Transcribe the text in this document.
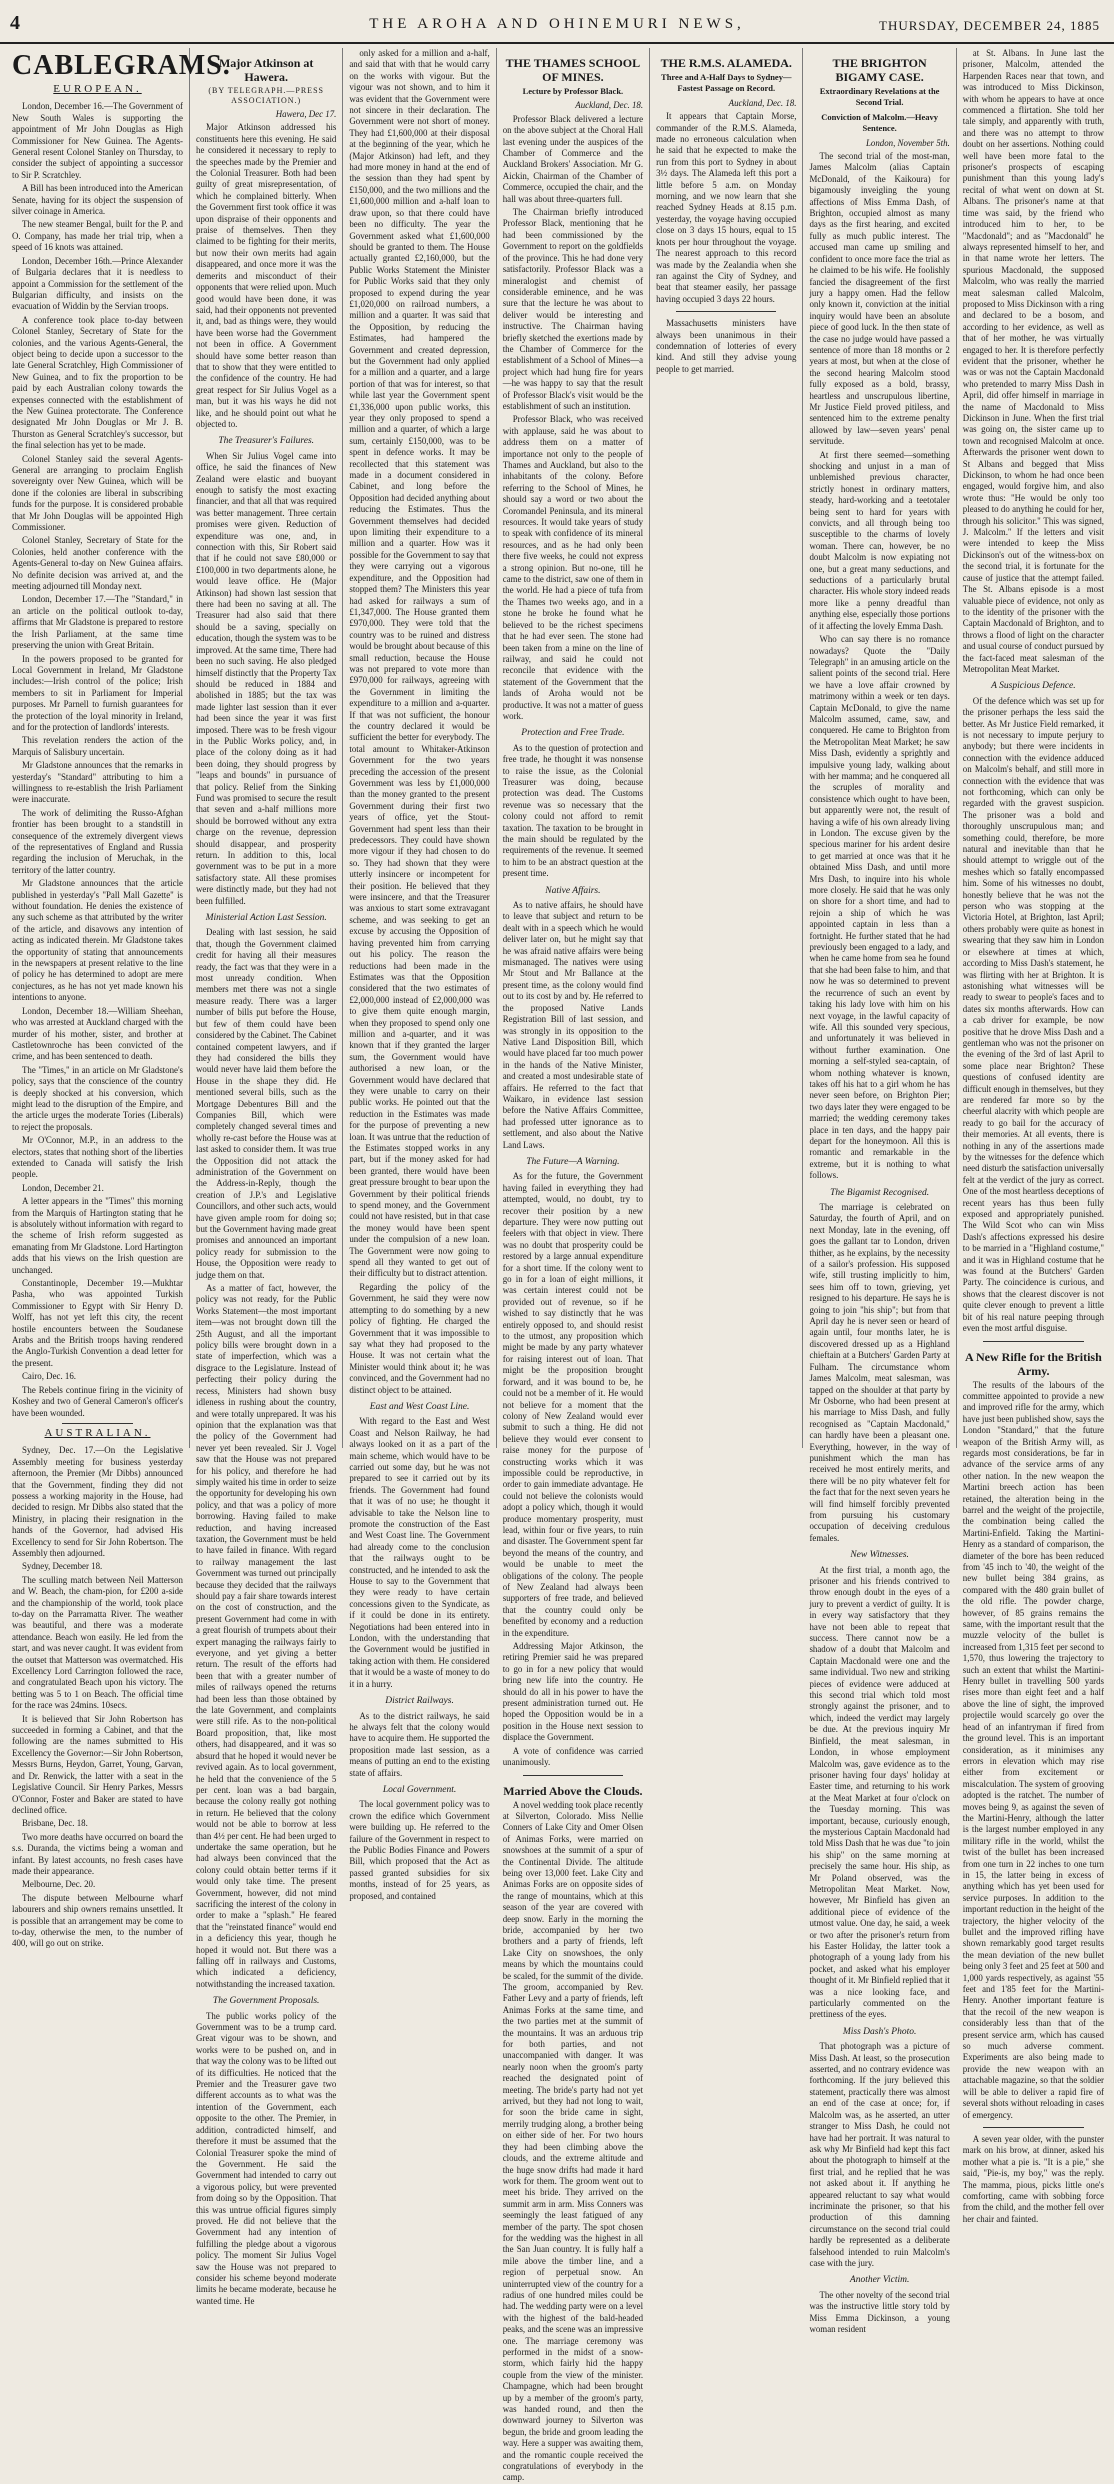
4	THE AROHA AND OHINEMURI NEWS,	THURSDAY, DECEMBER 24, 1885
CABLEGRAMS.
EUROPEAN.

London, December 16.—The Government of New South Wales is supporting the appointment of Mr John Douglas as High Commissioner for New Guinea. The Agents-General resent Colonel Stanley on Thursday, to consider the subject of appointing a successor to Sir P. Scratchley.

A Bill has been introduced into the American Senate, having for its object the suspension of silver coinage in America.

The new steamer Bengal, built for the P. and O. Company, has made her trial trip, when a speed of 16 knots was attained.

London, December 16th.—Prince Alexander of Bulgaria declares that it is needless to appoint a Commission for the settlement of the Bulgarian difficulty, and insists on the evacuation of Widdin by the Servian troops.

A conference took place to-day between Colonel Stanley, Secretary of State for the colonies, and the various Agents-General, the object being to decide upon a successor to the late General Scratchley, High Commissioner of New Guinea, and to fix the proportion to be paid by each Australian colony towards the expenses connected with the establishment of the New Guinea protectorate. The Conference designated Mr John Douglas or Mr J. B. Thurston as General Scratchley's successor, but the final selection has yet to be made.

Colonel Stanley said the several Agents-General are arranging to proclaim English sovereignty over New Guinea, which will be done if the colonies are liberal in subscribing funds for the purpose. It is considered probable that Mr John Douglas will be appointed High Commissioner.

Colonel Stanley, Secretary of State for the Colonies, held another conference with the Agents-General to-day on New Guinea affairs. No definite decision was arrived at, and the meeting adjourned till Monday next.

London, December 17.—The "Standard," in an article on the political outlook to-day, affirms that Mr Gladstone is prepared to restore the Irish Parliament, at the same time preserving the union with Great Britain.

In the powers proposed to be granted for Local Government in Ireland, Mr Gladstone includes:—Irish control of the police; Irish members to sit in Parliament for Imperial purposes. Mr Parnell to furnish guarantees for the protection of the loyal minority in Ireland, and for the protection of landlords' interests.

This revelation renders the action of the Marquis of Salisbury uncertain.

Mr Gladstone announces that the remarks in yesterday's "Standard" attributing to him a willingness to re-establish the Irish Parliament were inaccurate.

The work of delimiting the Russo-Afghan frontier has been brought to a standstill in consequence of the extremely divergent views of the representatives of England and Russia regarding the inclusion of Meruchak, in the territory of the latter country.

Mr Gladstone announces that the article published in yesterday's "Pall Mall Gazette" is without foundation. He denies the existence of any such scheme as that attributed by the writer of the article, and disavows any intention of acting as indicated therein. Mr Gladstone takes the opportunity of stating that announcements in the newspapers at present relative to the line of policy he has determined to adopt are mere conjectures, as he has not yet made known his intentions to anyone.

London, December 18.—William Sheehan, who was arrested at Auckland charged with the murder of his mother, sister, and brother at Castletownroche has been convicted of the crime, and has been sentenced to death.

The "Times," in an article on Mr Gladstone's policy, says that the conscience of the country is deeply shocked at his conversion, which might lead to the disruption of the Empire, and the article urges the moderate Tories (Liberals) to reject the proposals.

Mr O'Connor, M.P., in an address to the electors, states that nothing short of the liberties extended to Canada will satisfy the Irish people.

London, December 21.

A letter appears in the "Times" this morning from the Marquis of Hartington stating that he is absolutely without information with regard to the scheme of Irish reform suggested as emanating from Mr Gladstone. Lord Hartington adds that his views on the Irish question are unchanged.

Constantinople, December 19.—Mukhtar Pasha, who was appointed Turkish Commissioner to Egypt with Sir Henry D. Wolff, has not yet left this city, the recent hostile encounters between the Soudanese Arabs and the British troops having rendered the Anglo-Turkish Convention a dead letter for the present.

Cairo, Dec. 16.

The Rebels continue firing in the vicinity of Koshey and two of General Cameron's officer's have been wounded.

AUSTRALIAN.

Sydney, Dec. 17.—On the Legislative Assembly meeting for business yesterday afternoon, the Premier (Mr Dibbs) announced that the Government, finding they did not possess a working majority in the House, had decided to resign. Mr Dibbs also stated that the Ministry, in placing their resignation in the hands of the Governor, had advised His Excellency to send for Sir John Robertson. The Assembly then adjourned.

Sydney, December 18.

The sculling match between Neil Matterson and W. Beach, the cham-pion, for £200 a-side and the championship of the world, took place to-day on the Parramatta River. The weather was beautiful, and there was a moderate attendance. Beach won easily. He led from the start, and was never caught. It was evident from the outset that Matterson was overmatched. His Excellency Lord Carrington followed the race, and congratulated Beach upon his victory. The betting was 5 to 1 on Beach. The official time for the race was 24mins. 10secs.

It is believed that Sir John Robertson has succeeded in forming a Cabinet, and that the following are the names submitted to His Excellency the Governor:—Sir John Robertson, Messrs Burns, Heydon, Garret, Young, Garvan, and Dr. Renwick, the latter with a seat in the Legislative Council. Sir Henry Parkes, Messrs O'Connor, Foster and Baker are stated to have declined office.

Brisbane, Dec. 18.

Two more deaths have occurred on board the s.s. Duranda, the victims being a woman and infant. By latest accounts, no fresh cases have made their appearance.

Melbourne, Dec. 20.

The dispute between Melbourne wharf labourers and ship owners remains unsettled. It is possible that an arrangement may be come to to-day, otherwise the men, to the number of 400, will go out on strike.

Major Atkinson at Hawera.
(BY TELEGRAPH.—PRESS ASSOCIATION.)
Hawera, Dec 17.

Major Atkinson addressed his constituents here this evening. He said he considered it necessary to reply to the speeches made by the Premier and the Colonial Treasurer. Both had been guilty of great misrepresentation, of which he complained bitterly. When the Government first took office it was upon dispraise of their opponents and praise of themselves. Then they claimed to be fighting for their merits, but now their own merits had again disappeared, and once more it was the demerits and misconduct of their opponents that were relied upon. Much good would have been done, it was said, had their opponents not prevented it, and, bad as things were, they would have been worse had the Government not been in office. A Government should have some better reason than that to show that they were entitled to the confidence of the country. He had great respect for Sir Julius Vogel as a man, but it was his ways he did not like, and he should point out what he objected to.

The Treasurer's Failures.

When Sir Julius Vogel came into office, he said the finances of New Zealand were elastic and buoyant enough to satisfy the most exacting financier, and that all that was required was better management. Three certain promises were given. Reduction of expenditure was one, and, in connection with this, Sir Robert said that if he could not save £80,000 or £100,000 in two departments alone, he would leave office. He (Major Atkinson) had shown last session that there had been no saving at all. The Treasurer had also said that there should be a saving, specially on education, though the system was to be improved. At the same time, There had been no such saving. He also pledged himself distinctly that the Property Tax should be reduced in 1884 and abolished in 1885; but the tax was made lighter last session than it ever had been since the year it was first imposed. There was to be fresh vigour in the Public Works policy, and, in place of the colony doing as it had been doing, they should progress by "leaps and bounds" in pursuance of that policy. Relief from the Sinking Fund was promised to secure the result that seven and a-half millions more should be borrowed without any extra charge on the revenue, depression should disappear, and prosperity return. In addition to this, local government was to be put in a more satisfactory state. All these promises were distinctly made, but they had not been fulfilled.

Ministerial Action Last Session.

Dealing with last session, he said that, though the Government claimed credit for having all their measures ready, the fact was that they were in a most unready condition. When members met there was not a single measure ready. There was a larger number of bills put before the House, but few of them could have been considered by the Cabinet. The Cabinet contained competent lawyers, and if they had considered the bills they would never have laid them before the House in the shape they did. He mentioned several bills, such as the Mortgage Debentures Bill and the Companies Bill, which were completely changed several times and wholly re-cast before the House was at last asked to consider them. It was true the Opposition did not attack the administration of the Government on the Address-in-Reply, though the creation of J.P.'s and Legislative Councillors, and other such acts, would have given ample room for doing so; but the Government having made great promises and announced an important policy ready for submission to the House, the Opposition were ready to judge them on that.

As a matter of fact, however, the policy was not ready, for the Public Works Statement—the most important item—was not brought down till the 25th August, and all the important policy bills were brought down in a state of imperfection, which was a disgrace to the Legislature. Instead of perfecting their policy during the recess, Ministers had shown busy idleness in rushing about the country, and were totally unprepared. It was his opinion that the explanation was that the policy of the Government had never yet been revealed. Sir J. Vogel saw that the House was not prepared for his policy, and therefore he had simply waited his time in order to seize the opportunity for developing his own policy, and that was a policy of more borrowing. Having failed to make reduction, and having increased taxation, the Government must be held to have failed in finance. With regard to railway management the last Government was turned out principally because they decided that the railways should pay a fair share towards interest on the cost of construction, and the present Government had come in with a great flourish of trumpets about their expert managing the railways fairly to everyone, and yet giving a better return. The result of the efforts had been that with a greater number of miles of railways opened the returns had been less than those obtained by the late Government, and complaints were still rife. As to the non-political Board proposition, that, like most others, had disappeared, and it was so absurd that he hoped it would never be revived again. As to local government, he held that the convenience of the 5 per cent. loan was a bad bargain, because the colony really got nothing in return. He believed that the colony would not be able to borrow at less than 4½ per cent. He had been urged to undertake the same operation, but he had always been convinced that the colony could obtain better terms if it would only take time. The present Government, however, did not mind sacrificing the interest of the colony in order to make a "splash." He feared that the "reinstated finance" would end in a deficiency this year, though he hoped it would not. But there was a falling off in railways and Customs, which indicated a deficiency, notwithstanding the increased taxation.

The Government Proposals.

The public works policy of the Government was to be a trump card. Great vigour was to be shown, and works were to be pushed on, and in that way the colony was to be lifted out of its difficulties. He noticed that the Premier and the Treasurer gave two different accounts as to what was the intention of the Government, each opposite to the other. The Premier, in addition, contradicted himself, and therefore it must be assumed that the Colonial Treasurer spoke the mind of the Government. He said the Government had intended to carry out a vigorous policy, but were prevented from doing so by the Opposition. That this was untrue official figures simply proved. He did not believe that the Government had any intention of fulfilling the pledge about a vigorous policy. The moment Sir Julius Vogel saw the House was not prepared to consider his scheme beyond moderate limits he became moderate, because he wanted time. He

only asked for a million and a-half, and said that with that he would carry on the works with vigour. But the vigour was not shown, and to him it was evident that the Government were not sincere in their declaration. The Government were not short of money. They had £1,600,000 at their disposal at the beginning of the year, which he (Major Atkinson) had left, and they had more money in hand at the end of the session than they had spent by £150,000, and the two millions and the £1,600,000 million and a-half loan to draw upon, so that there could have been no difficulty. The year the Government asked what £1,600,000 should be granted to them. The House actually granted £2,160,000, but the Public Works Statement the Minister for Public Works said that they only proposed to expend during the year £1,020,000 on railroad numbers, a million and a quarter. It was said that the Opposition, by reducing the Estimates, had hampered the Government and created depression, but the Government had only applied for a million and a quarter, and a large portion of that was for interest, so that while last year the Government spent £1,336,000 upon public works, this year they only proposed to spend a million and a quarter, of which a large sum, certainly £150,000, was to be spent in defence works. It may be recollected that this statement was made in a document considered in Cabinet, and long before the Opposition had decided anything about reducing the Estimates. Thus the Government themselves had decided upon limiting their expenditure to a million and a quarter. How was it possible for the Government to say that they were carrying out a vigorous expenditure, and the Opposition had stopped them? The Ministers this year had asked for railways a sum of £1,347,000. The House granted them £970,000. They were told that the country was to be ruined and distress would be brought about because of this small reduction, because the House was not prepared to vote more than £970,000 for railways, agreeing with the Government in limiting the expenditure to a million and a-quarter. If that was not sufficient, the honour the country declared it would be sufficient the better for everybody. The total amount to Whitaker-Atkinson Government for the two years preceding the accession of the present Government was less by £1,000,000 than the money granted to the present Government during their first two years of office, yet the Stout-Government had spent less than their predecessors. They could have shown more vigour if they had chosen to do so. They had shown that they were utterly insincere or incompetent for their position. He believed that they were insincere, and that the Treasurer was anxious to start some extravagant scheme, and was seeking to get an excuse by accusing the Opposition of having prevented him from carrying out his policy. The reason the reductions had been made in the Estimates was that the Opposition considered that the two estimates of £2,000,000 instead of £2,000,000 was to give them quite enough margin, when they proposed to spend only one million and a-quarter, and it was known that if they granted the larger sum, the Government would have authorised a new loan, or the Government would have declared that they were unable to carry on their public works. He pointed out that the reduction in the Estimates was made for the purpose of preventing a new loan. It was untrue that the reduction of the Estimates stopped works in any part, but if the money asked for had been granted, there would have been great pressure brought to bear upon the Government by their political friends to spend money, and the Government could not have resisted, but in that case the money would have been spent under the compulsion of a new loan. The Government were now going to spend all they wanted to get out of their difficulty but to distract attention.

Regarding the policy of the Government, he said they were now attempting to do something by a new policy of fighting. He charged the Government that it was impossible to say what they had proposed to the House. It was not certain what the Minister would think about it; he was convinced, and the Government had no distinct object to be attained.

East and West Coast Line.

With regard to the East and West Coast and Nelson Railway, he had always looked on it as a part of the main scheme, which would have to be carried out some day, but he was not prepared to see it carried out by its friends. The Government had found that it was of no use; he thought it advisable to take the Nelson line to promote the construction of the East and West Coast line. The Government had already come to the conclusion that the railways ought to be constructed, and he intended to ask the House to say to the Government that they were ready to have certain concessions given to the Syndicate, as if it could be done in its entirety. Negotiations had been entered into in London, with the understanding that the Government would be justified in taking action with them. He considered that it would be a waste of money to do it in a hurry.

District Railways.

As to the district railways, he said he always felt that the colony would have to acquire them. He supported the proposition made last session, as a means of putting an end to the existing state of affairs.

Local Government.

The local government policy was to crown the edifice which Government were building up. He referred to the failure of the Government in respect to the Public Bodies Finance and Powers Bill, which proposed that the Act as passed granted subsidies for six months, instead of for 25 years, as proposed, and contained

THE THAMES SCHOOL OF MINES.
Lecture by Professor Black.
Auckland, Dec. 18.

Professor Black delivered a lecture on the above subject at the Choral Hall last evening under the auspices of the Chamber of Commerce and the Auckland Brokers' Association. Mr G. Aickin, Chairman of the Chamber of Commerce, occupied the chair, and the hall was about three-quarters full.

The Chairman briefly introduced Professor Black, mentioning that he had been commissioned by the Government to report on the goldfields of the province. This he had done very satisfactorily. Professor Black was a mineralogist and chemist of considerable eminence, and he was sure that the lecture he was about to deliver would be interesting and instructive. The Chairman having briefly sketched the exertions made by the Chamber of Commerce for the establishment of a School of Mines—a project which had hung fire for years—he was happy to say that the result of Professor Black's visit would be the establishment of such an institution.

Professor Black, who was received with applause, said he was about to address them on a matter of importance not only to the people of Thames and Auckland, but also to the inhabitants of the colony. Before referring to the School of Mines, he should say a word or two about the Coromandel Peninsula, and its mineral resources. It would take years of study to speak with confidence of its mineral resources, and as he had only been there five weeks, he could not express a strong opinion. But no-one, till he came to the district, saw one of them in the world. He had a piece of tufa from the Thames two weeks ago, and in a stone he broke he found what he believed to be the richest specimens that he had ever seen. The stone had been taken from a mine on the line of railway, and said he could not reconcile that evidence with the statement of the Government that the lands of Aroha would not be productive. It was not a matter of guess work.

Protection and Free Trade.

As to the question of protection and free trade, he thought it was nonsense to raise the issue, as the Colonial Treasurer was doing, because protection was dead. The Customs revenue was so necessary that the colony could not afford to remit taxation. The taxation to be brought in the main should be regulated by the requirements of the revenue. It seemed to him to be an abstract question at the present time.

Native Affairs.

As to native affairs, he should have to leave that subject and return to be dealt with in a speech which he would deliver later on, but he might say that he was afraid native affairs were being mismanaged. The natives were using Mr Stout and Mr Ballance at the present time, as the colony would find out to its cost by and by. He referred to the proposed Native Lands Registration Bill of last session, and was strongly in its opposition to the Native Land Disposition Bill, which would have placed far too much power in the hands of the Native Minister, and created a most undesirable state of affairs. He referred to the fact that Waikaro, in evidence last session before the Native Affairs Committee, had professed utter ignorance as to settlement, and also about the Native Land Laws.

The Future—A Warning.

As for the future, the Government having failed in everything they had attempted, would, no doubt, try to recover their position by a new departure. They were now putting out feelers with that object in view. There was no doubt that prosperity could be restored by a large annual expenditure for a short time. If the colony went to go in for a loan of eight millions, it was certain interest could not be provided out of revenue, so if he wished to say distinctly that he was entirely opposed to, and should resist to the utmost, any proposition which might be made by any party whatever for raising interest out of loan. That might be the proposition brought forward, and it was bound to be, he could not be a member of it. He would not believe for a moment that the colony of New Zealand would ever submit to such a thing. He did not believe they would ever consent to raise money for the purpose of constructing works which it was impossible could be reproductive, in order to gain immediate advantage. He could not believe the colonists would adopt a policy which, though it would produce momentary prosperity, must lead, within four or five years, to ruin and disaster. The Government spent far beyond the means of the country, and would be unable to meet the obligations of the colony. The people of New Zealand had always been supporters of free trade, and believed that the country could only be benefited by economy and a reduction in the expenditure.

Addressing Major Atkinson, the retiring Premier said he was prepared to go in for a new policy that would bring new life into the country. He should do all in his power to have the present administration turned out. He hoped the Opposition would be in a position in the House next session to displace the Government.

A vote of confidence was carried unanimously.

Married Above the Clouds.

A novel wedding took place recently at Silverton, Colorado. Miss Nellie Conners of Lake City and Omer Olsen of Animas Forks, were married on snowshoes at the summit of a spur of the Continental Divide. The altitude being over 13,000 feet. Lake City and Animas Forks are on opposite sides of the range of mountains, which at this season of the year are covered with deep snow. Early in the morning the bride, accompanied by her two brothers and a party of friends, left Lake City on snowshoes, the only means by which the mountains could be scaled, for the summit of the divide. The groom, accompanied by Rev. Father Levy and a party of friends, left Animas Forks at the same time, and the two parties met at the summit of the mountains. It was an arduous trip for both parties, and not unaccompanied with danger. It was nearly noon when the groom's party reached the designated point of meeting. The bride's party had not yet arrived, but they had not long to wait, for soon the bride came in sight, merrily trudging along, a brother being on either side of her. For two hours they had been climbing above the clouds, and the extreme altitude and the huge snow drifts had made it hard work for them. The groom went out to meet his bride. They arrived on the summit arm in arm. Miss Conners was seemingly the least fatigued of any member of the party. The spot chosen for the wedding was the highest in all the San Juan country. It is fully half a mile above the timber line, and a region of perpetual snow. An uninterrupted view of the country for a radius of one hundred miles could be had. The wedding party were on a level with the highest of the bald-headed peaks, and the scene was an impressive one. The marriage ceremony was performed in the midst of a snow-storm, which fairly hid the happy couple from the view of the minister. Champagne, which had been brought up by a member of the groom's party, was handed round, and then the downward journey to Silverton was begun, the bride and groom leading the way. Here a supper was awaiting them, and the romantic couple received the congratulations of everybody in the camp.

THE R.M.S. ALAMEDA.
Three and A-Half Days to Sydney—Fastest Passage on Record.
Auckland, Dec. 18.

It appears that Captain Morse, commander of the R.M.S. Alameda, made no erroneous calculation when he said that he expected to make the run from this port to Sydney in about 3½ days. The Alameda left this port a little before 5 a.m. on Monday morning, and we now learn that she reached Sydney Heads at 8.15 p.m. yesterday, the voyage having occupied close on 3 days 15 hours, equal to 15 knots per hour throughout the voyage. The nearest approach to this record was made by the Zealandia when she ran against the City of Sydney, and beat that steamer easily, her passage having occupied 3 days 22 hours.

Massachusetts ministers have always been unanimous in their condemnation of lotteries of every kind. And still they advise young people to get married.

THE BRIGHTON BIGAMY CASE.
Extraordinary Revelations at the Second Trial.
Conviction of Malcolm.—Heavy Sentence.
London, November 5th.

The second trial of the most-man, James Malcolm (alias Captain McDonald, of the Kaikoura) for bigamously inveigling the young affections of Miss Emma Dash, of Brighton, occupied almost as many days as the first hearing, and excited fully as much public interest. The accused man came up smiling and confident to once more face the trial as he claimed to be his wife. He foolishly fancied the disagreement of the first jury a happy omen. Had the fellow only known it, conviction at the initial inquiry would have been an absolute piece of good luck. In the then state of the case no judge would have passed a sentence of more than 18 months or 2 years at most, but when at the close of the second hearing Malcolm stood fully exposed as a bold, brassy, heartless and unscrupulous libertine, Mr Justice Field proved pitiless, and sentenced him to the extreme penalty allowed by law—seven years' penal servitude.

At first there seemed—something shocking and unjust in a man of unblemished previous character, strictly honest in ordinary matters, steady, hard-working and a teetotaler being sent to hard for years with convicts, and all through being too susceptible to the charms of lovely woman. There can, however, be no doubt Malcolm is now expiating not one, but a great many seductions, and seductions of a particularly brutal character. His whole story indeed reads more like a penny dreadful than anything else, especially those portions of it affecting the lovely Emma Dash.

Who can say there is no romance nowadays? Quote the "Daily Telegraph" in an amusing article on the salient points of the second trial. Here we have a love affair crowned by matrimony within a week or ten days. Captain McDonald, to give the name Malcolm assumed, came, saw, and conquered. He came to Brighton from the Metropolitan Meat Market; he saw Miss Dash, evidently a sprightly and impulsive young lady, walking about with her mamma; and he conquered all the scruples of morality and consistence which ought to have been, but apparently were not, the result of having a wife of his own already living in London. The excuse given by the specious mariner for his ardent desire to get married at once was that it he obtained Miss Dash, and until more Mrs Dash, to inquire into his whole more closely. He said that he was only on shore for a short time, and had to rejoin a ship of which he was appointed captain in less than a fortnight. He further stated that he had previously been engaged to a lady, and when he came home from sea he found that she had been false to him, and that now he was so determined to prevent the recurrence of such an event by taking his lady love with him on his next voyage, in the lawful capacity of wife. All this sounded very specious, and unfortunately it was believed in without further examination. One morning a self-styled sea-captain, of whom nothing whatever is known, takes off his hat to a girl whom he has never seen before, on Brighton Pier; two days later they were engaged to be married; the wedding ceremony takes place in ten days, and the happy pair depart for the honeymoon. All this is romantic and remarkable in the extreme, but it is nothing to what follows.

The Bigamist Recognised.

The marriage is celebrated on Saturday, the fourth of April, and on next Monday, late in the evening, off goes the gallant tar to London, driven thither, as he explains, by the necessity of a sailor's profession. His supposed wife, still trusting implicitly to him, sees him off to town, grieving, yet resigned to his departure. He says he is going to join "his ship"; but from that April day he is never seen or heard of again until, four months later, he is discovered dressed up as a Highland chieftain at a Butchers' Garden Party at Fulham. The circumstance whom James Malcolm, meat salesman, was tapped on the shoulder at that party by Mr Osborne, who had been present at his marriage to Miss Dash, and fully recognised as "Captain Macdonald," can hardly have been a pleasant one. Everything, however, in the way of punishment which the man has received he most entirely merits, and there will be no pity whatever felt for the fact that for the next seven years he will find himself forcibly prevented from pursuing his customary occupation of deceiving credulous females.

New Witnesses.

At the first trial, a month ago, the prisoner and his friends contrived to throw enough doubt in the eyes of a jury to prevent a verdict of guilty. It is in every way satisfactory that they have not been able to repeat that success. There cannot now be a shadow of a doubt that Malcolm and Captain Macdonald were one and the same individual. Two new and striking pieces of evidence were adduced at this second trial which told most strongly against the prisoner, and to which, indeed the verdict may largely be due. At the previous inquiry Mr Binfield, the meat salesman, in London, in whose employment Malcolm was, gave evidence as to the prisoner having four days' holiday at Easter time, and returning to his work at the Meat Market at four o'clock on the Tuesday morning. This was important, because, curiously enough, the mysterious Captain Macdonald had told Miss Dash that he was due "to join his ship" on the same morning at precisely the same hour. His ship, as Mr Poland observed, was the Metropolitan Meat Market. Now, however, Mr Binfield has given an additional piece of evidence of the utmost value. One day, he said, a week or two after the prisoner's return from his Easter Holiday, the latter took a photograph of a young lady from his pocket, and asked what his employer thought of it. Mr Binfield replied that it was a nice looking face, and particularly commented on the prettiness of the eyes.

Miss Dash's Photo.

That photograph was a picture of Miss Dash. At least, so the prosecution asserted, and no contrary evidence was forthcoming. If the jury believed this statement, practically there was almost an end of the case at once; for, if Malcolm was, as he asserted, an utter stranger to Miss Dash, he could not have had her portrait. It was natural to ask why Mr Binfield had kept this fact about the photograph to himself at the first trial, and he replied that he was not asked about it. If anything he appeared reluctant to say what would incriminate the prisoner, so that his production of this damning circumstance on the second trial could hardly be represented as a deliberate falsehood intended to ruin Malcolm's case with the jury.

Another Victim.

The other novelty of the second trial was the instructive little story told by Miss Emma Dickinson, a young woman resident

at St. Albans. In June last the prisoner, Malcolm, attended the Harpenden Races near that town, and was introduced to Miss Dickinson, with whom he appears to have at once commenced a flirtation. She told her tale simply, and apparently with truth, and there was no attempt to throw doubt on her assertions. Nothing could well have been more fatal to the prisoner's prospects of escaping punishment than this young lady's recital of what went on down at St. Albans. The prisoner's name at that time was said, by the friend who introduced him to her, to be "Macdonald"; and as "Macdonald" he always represented himself to her, and in that name wrote her letters. The spurious Macdonald, the supposed Malcolm, who was really the married meat salesman called Malcolm, proposed to Miss Dickinson with a ring and declared to be a bosom, and according to her evidence, as well as that of her mother, he was virtually engaged to her. It is therefore perfectly evident that the prisoner, whether he was or was not the Captain Macdonald who pretended to marry Miss Dash in April, did offer himself in marriage in the name of Macdonald to Miss Dickinson in June. When the first trial was going on, the sister came up to town and recognised Malcolm at once. Afterwards the prisoner went down to St Albans and begged that Miss Dickinson, to whom he had once been engaged, would forgive him, and also wrote thus: "He would be only too pleased to do anything he could for her, through his solicitor." This was signed, J. Malcolm." If the letters and visit were intended to keep the Miss Dickinson's out of the witness-box on the second trial, it is fortunate for the cause of justice that the attempt failed. The St. Albans episode is a most valuable piece of evidence, not only as to the identity of the prisoner with the Captain Macdonald of Brighton, and to throws a flood of light on the character and usual course of conduct pursued by the fact-faced meat salesman of the Metropolitan Meat Market.

A Suspicious Defence.

Of the defence which was set up for the prisoner perhaps the less said the better. As Mr Justice Field remarked, it is not necessary to impute perjury to anybody; but there were incidents in connection with the evidence adduced on Malcolm's behalf, and still more in connection with the evidence that was not forthcoming, which can only be regarded with the gravest suspicion. The prisoner was a bold and thoroughly unscrupulous man; and something could, therefore, be more natural and inevitable than that he should attempt to wriggle out of the meshes which so fatally encompassed him. Some of his witnesses no doubt, honestly believe that he was not the person who was stopping at the Victoria Hotel, at Brighton, last April; others probably were quite as honest in swearing that they saw him in London or elsewhere at times at which, according to Miss Dash's statement, he was flirting with her at Brighton. It is astonishing what witnesses will be ready to swear to people's faces and to dates six months afterwards. How can a cab driver for example, be now positive that he drove Miss Dash and a gentleman who was not the prisoner on the evening of the 3rd of last April to some place near Brighton? These questions of confused identity are difficult enough in themselves, but they are rendered far more so by the cheerful alacrity with which people are ready to go bail for the accuracy of their memories. At all events, there is nothing in any of the assertions made by the witnesses for the defence which need disturb the satisfaction universally felt at the verdict of the jury as correct. One of the most heartless deceptions of recent years has thus been fully exposed and appropriately punished. The Wild Scot who can win Miss Dash's affections expressed his desire to be married in a "Highland costume," and it was in Highland costume that he was found at the Butchers' Garden Party. The coincidence is curious, and shows that the clearest discover is not quite clever enough to prevent a little bit of his real nature peeping through even the most artful disguise.

A New Rifle for the British Army.

The results of the labours of the committee appointed to provide a new and improved rifle for the army, which have just been published show, says the London "Standard," that the future weapon of the British Army will, as regards most considerations, be far in advance of the service arms of any other nation. In the new weapon the Martini breech action has been retained, the alteration being in the barrel and the weight of the projectile, the combination being called the Martini-Enfield. Taking the Martini-Henry as a standard of comparison, the diameter of the bore has been reduced from '45 inch to '40, the weight of the new bullet being 384 grains, as compared with the 480 grain bullet of the old rifle. The powder charge, however, of 85 grains remains the same, with the important result that the muzzle velocity of the bullet is increased from 1,315 feet per second to 1,570, thus lowering the trajectory to such an extent that whilst the Martini-Henry bullet in travelling 500 yards rises more than eight feet and a half above the line of sight, the improved projectile would scarcely go over the head of an infantryman if fired from the ground level. This is an important consideration, as it minimises any errors in elevation which may rise either from excitement or miscalculation. The system of grooving adopted is the ratchet. The number of moves being 9, as against the seven of the Martini-Henry, although the latter is the largest number employed in any military rifle in the world, whilst the twist of the bullet has been increased from one turn in 22 inches to one turn in 15, the latter being in excess of anything which has yet been used for service purposes. In addition to the important reduction in the height of the trajectory, the higher velocity of the bullet and the improved rifling have shown remarkably good target results the mean deviation of the new bullet being only 3 feet and 25 feet at 500 and 1,000 yards respectively, as against '55 feet and 1'85 feet for the Martini-Henry. Another important feature is that the recoil of the new weapon is considerably less than that of the present service arm, which has caused so much adverse comment. Experiments are also being made to provide the new weapon with an attachable magazine, so that the soldier will be able to deliver a rapid fire of several shots without reloading in cases of emergency.

A seven year older, with the punster mark on his brow, at dinner, asked his mother what a pie is. "It is a pie," she said, "Pie-is, my boy," was the reply. The mamma, pious, picks little one's comforting, came with sobbing force from the child, and the mother fell over her chair and fainted.
